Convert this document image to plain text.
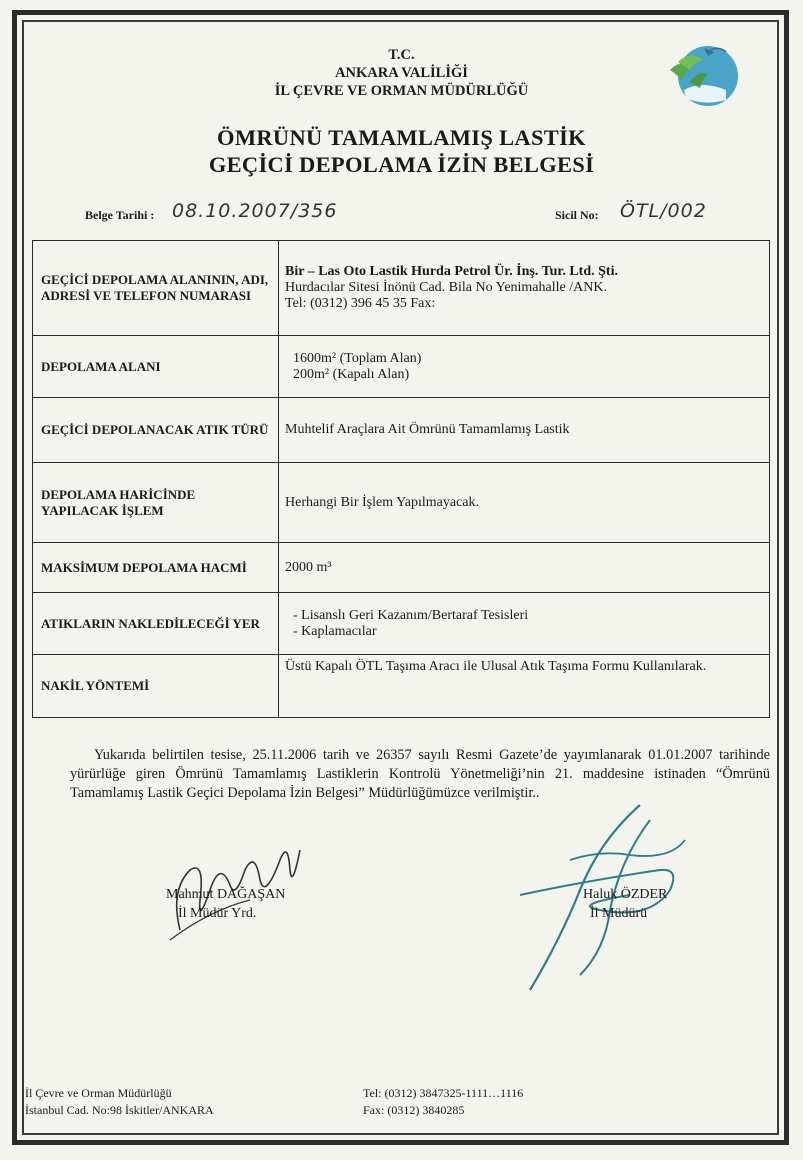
T.C.
ANKARA VALİLİĞİ
İL ÇEVRE VE ORMAN MÜDÜRLÜĞÜ
ÖMRÜNÜ TAMAMLAMIŞ LASTİK
GEÇİCİ DEPOLAMA İZİN BELGESİ
Belge Tarihi : 08.10.2007/356	Sicil No: ÖTL/002
GEÇİCİ DEPOLAMA ALANININ, ADI, ADRESİ VE TELEFON NUMARASI	Bir – Las Oto Lastik Hurda Petrol Ür. İnş. Tur. Ltd. Şti.
Hurdacılar Sitesi İnönü Cad. Bila No Yenimahalle /ANK.
Tel: (0312) 396 45 35 Fax:

DEPOLAMA ALANI	1600m² (Toplam Alan)
200m² (Kapalı Alan)

GEÇİCİ DEPOLANACAK ATIK TÜRÜ	Muhtelif Araçlara Ait Ömrünü Tamamlamış Lastik
DEPOLAMA HARİCİNDE YAPILACAK İŞLEM	Herhangi Bir İşlem Yapılmayacak.
MAKSİMUM DEPOLAMA HACMİ	2000 m³
ATIKLARIN NAKLEDİLECEĞİ YER	- Lisanslı Geri Kazanım/Bertaraf Tesisleri
- Kaplamacılar

NAKİL YÖNTEMİ	Üstü Kapalı ÖTL Taşıma Aracı ile Ulusal Atık Taşıma Formu Kullanılarak.

Yukarıda belirtilen tesise, 25.11.2006 tarih ve 26357 sayılı Resmi Gazete’de yayımlanarak 01.01.2007 tarihinde yürürlüğe giren Ömrünü Tamamlamış Lastiklerin Kontrolü Yönetmeliği’nin 21. maddesine istinaden “Ömrünü Tamamlamış Lastik Geçici Depolama İzin Belgesi” Müdürlüğümüzce verilmiştir..

Mahmut DAĞAŞAN
İl Müdür Yrd.
Haluk ÖZDER
İl Müdürü
İl Çevre ve Orman Müdürlüğü
İstanbul Cad. No:98 İskitler/ANKARA
Tel: (0312) 3847325-1111…1116
Fax: (0312) 3840285
